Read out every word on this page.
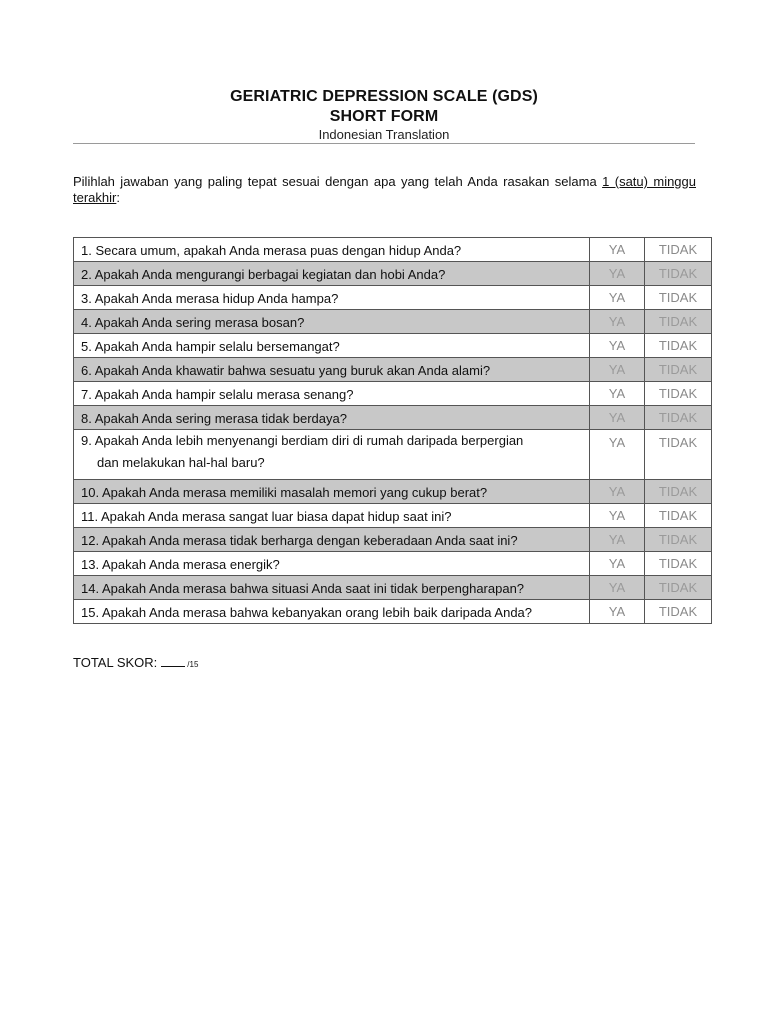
GERIATRIC DEPRESSION SCALE (GDS)
SHORT FORM
Indonesian Translation
Pilihlah jawaban yang paling tepat sesuai dengan apa yang telah Anda rasakan selama 1 (satu) minggu terakhir:
1. Secara umum, apakah Anda merasa puas dengan hidup Anda?	YA	TIDAK
2. Apakah Anda mengurangi berbagai kegiatan dan hobi Anda?	YA	TIDAK
3. Apakah Anda merasa hidup Anda hampa?	YA	TIDAK
4. Apakah Anda sering merasa bosan?	YA	TIDAK
5. Apakah Anda hampir selalu bersemangat?	YA	TIDAK
6. Apakah Anda khawatir bahwa sesuatu yang buruk akan Anda alami?	YA	TIDAK
7. Apakah Anda hampir selalu merasa senang?	YA	TIDAK
8. Apakah Anda sering merasa tidak berdaya?	YA	TIDAK
9. Apakah Anda lebih menyenangi berdiam diri di rumah daripada berpergian
dan melakukan hal-hal baru?	YA	TIDAK
10. Apakah Anda merasa memiliki masalah memori yang cukup berat?	YA	TIDAK
11. Apakah Anda merasa sangat luar biasa dapat hidup saat ini?	YA	TIDAK
12. Apakah Anda merasa tidak berharga dengan keberadaan Anda saat ini?	YA	TIDAK
13. Apakah Anda merasa energik?	YA	TIDAK
14. Apakah Anda merasa bahwa situasi Anda saat ini tidak berpengharapan?	YA	TIDAK
15. Apakah Anda merasa bahwa kebanyakan orang lebih baik daripada Anda?	YA	TIDAK
TOTAL SKOR:	/15
